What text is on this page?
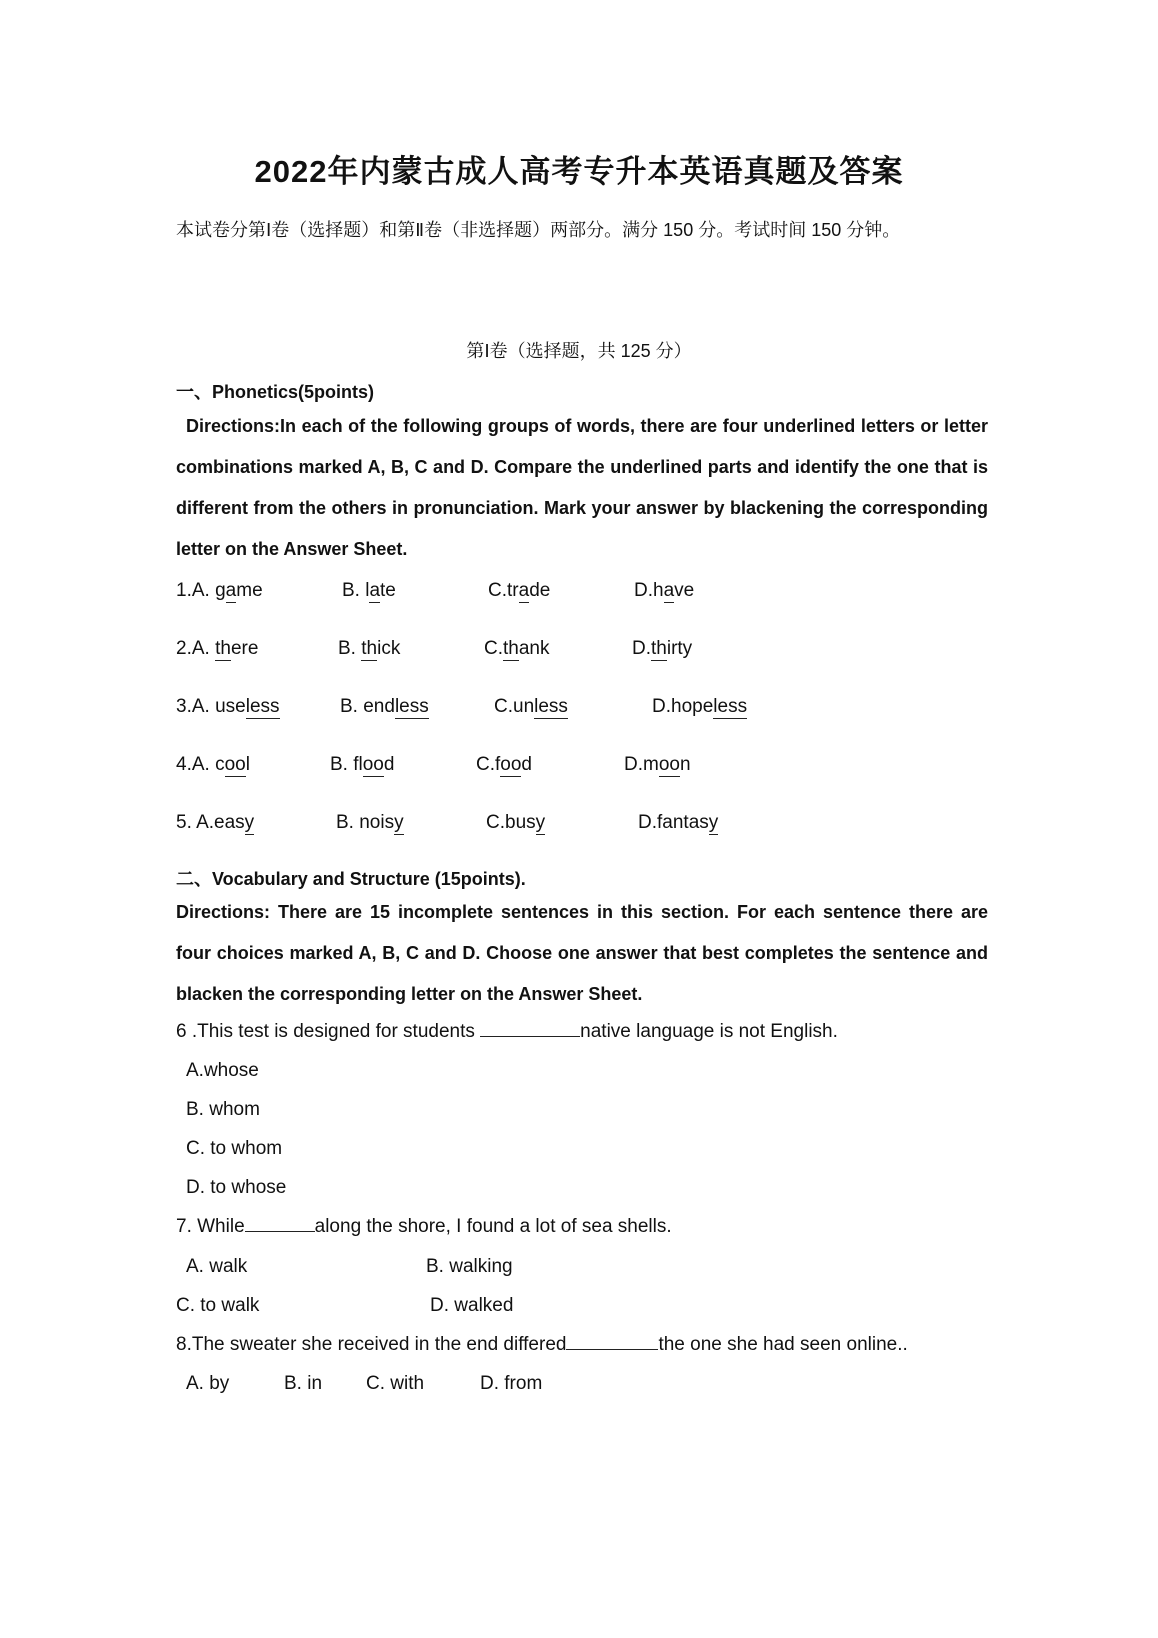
2022年内蒙古成人高考专升本英语真题及答案
本试卷分第Ⅰ卷（选择题）和第Ⅱ卷（非选择题）两部分。满分 150 分。考试时间 150 分钟。
第Ⅰ卷（选择题，共 125 分）
一、Phonetics(5points)
Directions:In each of the following groups of words, there are four underlined letters or letter combinations marked A, B, C and D. Compare the underlined parts and identify the one that is different from the others in pronunciation. Mark your answer by blackening the corresponding letter on the Answer Sheet.
1.A. game	B. late	C.trade	D.have
2.A. there	B. thick	C.thank	D.thirty
3.A. useless	B. endless	C.unless	D.hopeless
4.A. cool	B. flood	C.food	D.moon
5. A.easy	B. noisy	C.busy	D.fantasy
二、Vocabulary and Structure (15points).
Directions: There are 15 incomplete sentences in this section. For each sentence there are four choices marked A, B, C and D. Choose one answer that best completes the sentence and blacken the corresponding letter on the Answer Sheet.
6 .This test is designed for students	native language is not English.
A.whose
B. whom
C. to whom
D. to whose
7. While	along the shore, I found a lot of sea shells.
A. walk	B. walking
C. to walk	D. walked
8.The sweater she received in the end differed	the one she had seen online..
A. by	B. in C. with	D. from
